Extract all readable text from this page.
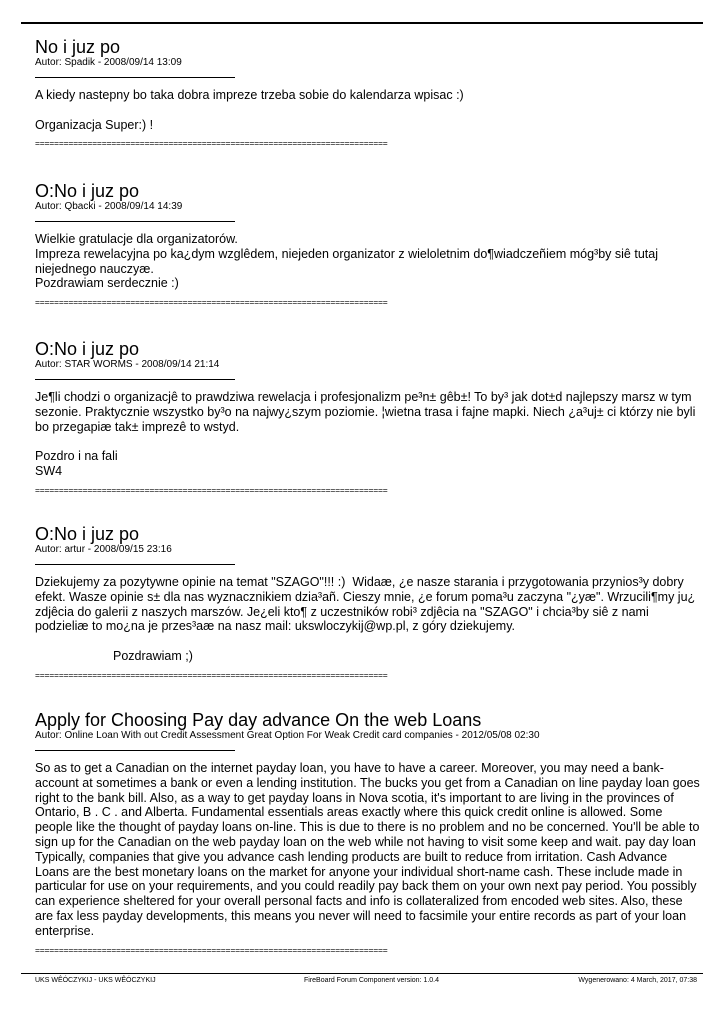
No i juz po
Autor: Spadik - 2008/09/14 13:09

A kiedy nastepny bo taka dobra impreze trzeba sobie do kalendarza wpisac :)

Organizacja Super:) !

==========================================================================
O:No i juz po
Autor: Qbacki - 2008/09/14 14:39

Wielkie gratulacje dla organizatorów.
Impreza rewelacyjna po ka¿dym wzglêdem, niejeden organizator z wieloletnim do¶wiadczeñiem móg³by siê tutaj niejednego nauczyæ.
Pozdrawiam serdecznie :)

==========================================================================
O:No i juz po
Autor: STAR WORMS - 2008/09/14 21:14

Je¶li chodzi o organizacjê to prawdziwa rewelacja i profesjonalizm pe³n± gêb±! To by³ jak dot±d najlepszy marsz w tym sezonie. Praktycznie wszystko by³o na najwy¿szym poziomie. ¦wietna trasa i fajne mapki. Niech ¿a³uj± ci którzy nie byli bo przegapiæ tak± imprezê to wstyd.

Pozdro i na fali
SW4

==========================================================================
O:No i juz po
Autor: artur - 2008/09/15 23:16

Dziekujemy za pozytywne opinie na temat "SZAGO"!!! :)  Widaæ, ¿e nasze starania i przygotowania przynios³y dobry efekt. Wasze opinie s± dla nas wyznacznikiem dzia³añ. Cieszy mnie, ¿e forum poma³u zaczyna "¿yæ". Wrzucili¶my ju¿ zdjêcia do galerii z naszych marszów. Je¿eli kto¶ z uczestników robi³ zdjêcia na "SZAGO" i chcia³by siê z nami podzieliæ to mo¿na je przes³aæ na nasz mail: ukswloczykij@wp.pl, z góry dziekujemy.

Pozdrawiam ;)

==========================================================================
Apply for Choosing Pay day advance On the web Loans
Autor: Online Loan With out Credit Assessment Great Option For Weak Credit card companies - 2012/05/08 02:30

So as to get a Canadian on the internet payday loan, you have to have a career. Moreover, you may need a bank-account at sometimes a bank or even a lending institution. The bucks you get from a Canadian on line payday loan goes right to the bank bill. Also, as a way to get payday loans in Nova scotia, it's important to are living in the provinces of Ontario, B . C . and Alberta. Fundamental essentials areas exactly where this quick credit online is allowed. Some people like the thought of payday loans on-line. This is due to there is no problem and no be concerned. You'll be able to sign up for the Canadian on the web payday loan on the web while not having to visit some keep and wait. pay day loan Typically, companies that give you advance cash lending products are built to reduce from irritation. Cash Advance Loans are the best monetary loans on the market for anyone your individual short-name cash. These include made in particular for use on your requirements, and you could readily pay back them on your own next pay period. You possibly can experience sheltered for your overall personal facts and info is collateralized from encoded web sites. Also, these are fax less payday developments, this means you never will need to facsimile your entire records as part of your loan enterprise.

==========================================================================
UKS WÊÓCZYKIJ - UKS WÊÓCZYKIJ	FireBoard Forum Component version: 1.0.4	Wygenerowano: 4 March, 2017, 07:38
